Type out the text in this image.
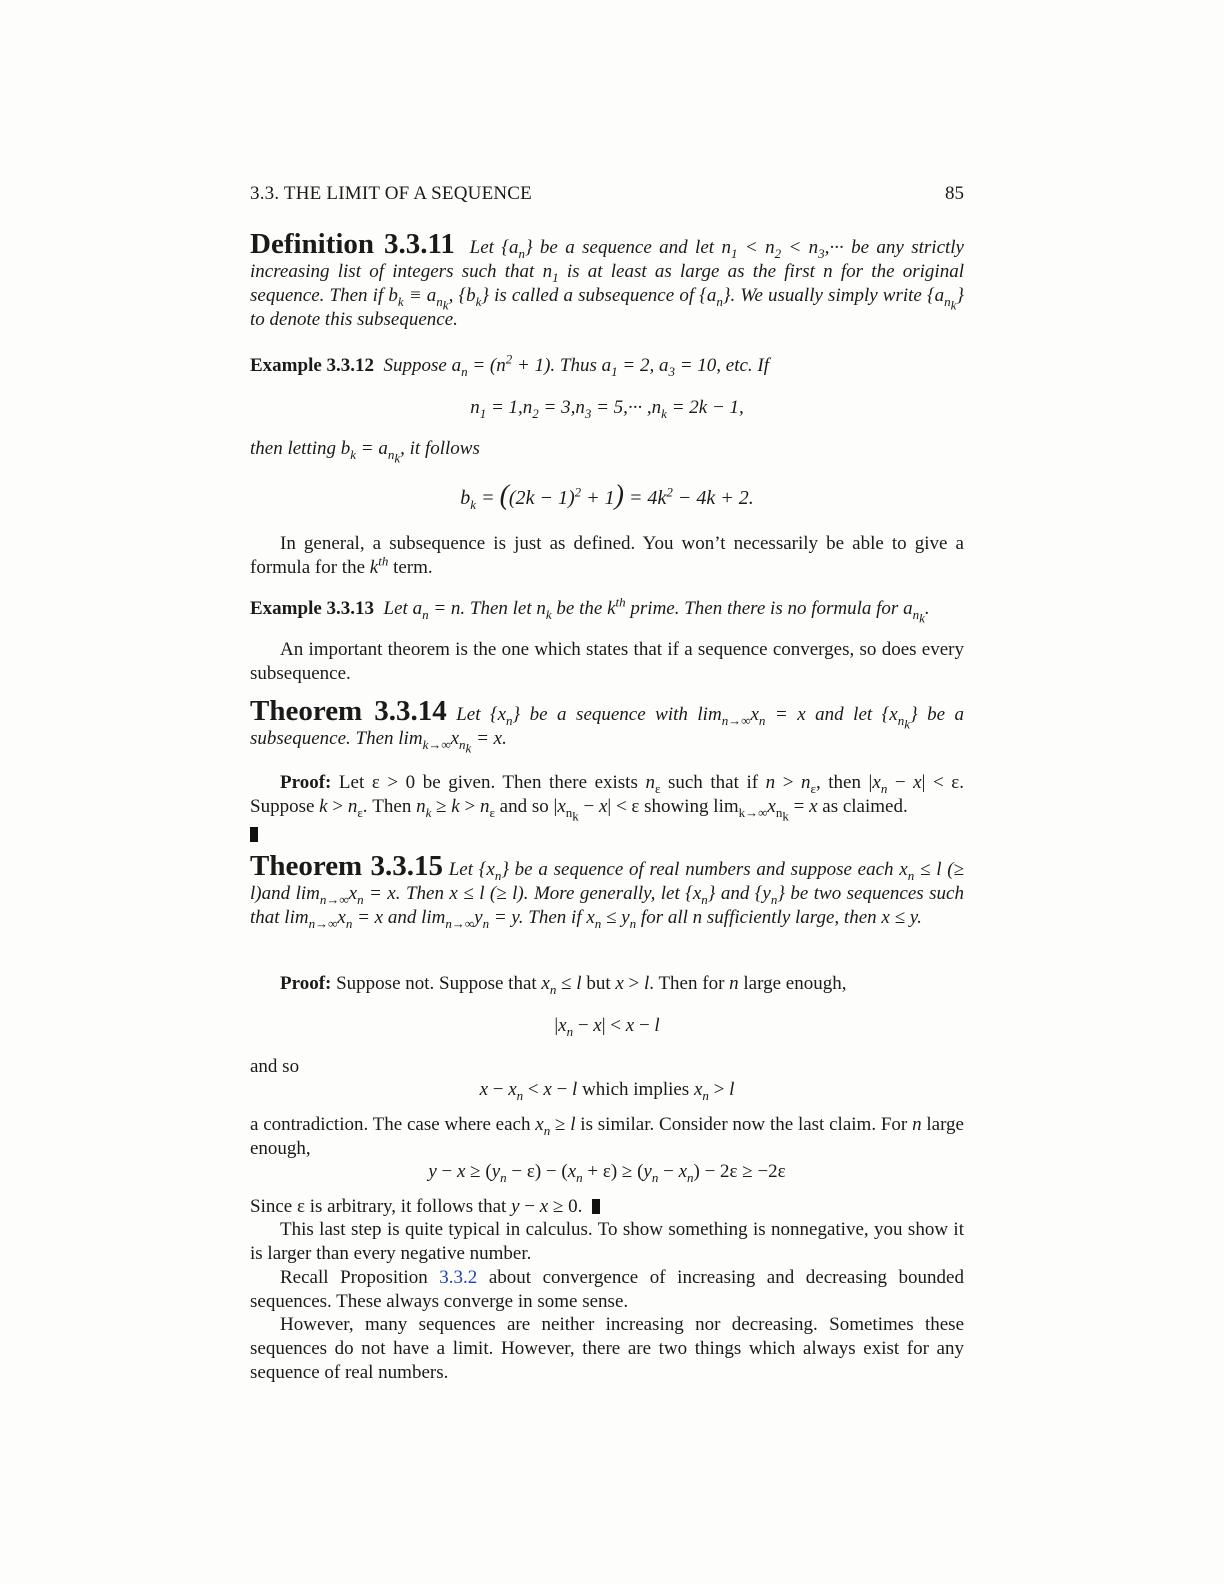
3.3. THE LIMIT OF A SEQUENCE	85
Definition 3.3.11  Let $\{a_n\}$ be a sequence and let $n_1 < n_2 < n_3,\cdot\cdot\cdot$ be any strictly increasing list of integers such that $n_1$ is at least as large as the first n for the original sequence. Then if $b_k \equiv a_{n_k}$, $\{b_k\}$ is called a subsequence of $\{a_n\}$. We usually simply write $\{a_{n_k}\}$ to denote this subsequence.
Example 3.3.12  Suppose $a_n = (n^2 + 1)$. Thus $a_1 = 2$, $a_3 = 10$, etc. If
$n_1 = 1,n_2 = 3,n_3 = 5,\cdot\cdot\cdot ,n_k = 2k - 1$,
then letting $b_k = a_{n_k}$, it follows
$b_k = ((2k - 1)^2 + 1) = 4k^2 - 4k + 2$.
In general, a subsequence is just as defined. You won’t necessarily be able to give a formula for the $k^{th}$ term.
Example 3.3.13  Let $a_n = n$. Then let $n_k$ be the $k^{th}$ prime. Then there is no formula for $a_{n_k}$.
An important theorem is the one which states that if a sequence converges, so does every subsequence.
Theorem 3.3.14 Let $\{x_n\}$ be a sequence with $\lim_{n\to\infty}x_n = x$ and let $\{x_{n_k}\}$ be a subsequence. Then $\lim_{k\to\infty}x_{n_k} = x$.
Proof: Let ε > 0 be given. Then there exists $n_\varepsilon$ such that if $n > n_\varepsilon$, then $|x_n - x| < \varepsilon$. Suppose $k > n_\varepsilon$. Then $n_k \ge k > n_\varepsilon$ and so $|x_{n_k} - x| < \varepsilon$ showing $\lim_{k\to\infty}x_{n_k} = x$ as claimed.
Theorem 3.3.15 Let $\{x_n\}$ be a sequence of real numbers and suppose each $x_n \le l$ (≥ l)and $\lim_{n\to\infty}x_n = x$. Then x ≤ l (≥ l). More generally, let $\{x_n\}$ and $\{y_n\}$ be two sequences such that $\lim_{n\to\infty}x_n = x$ and $\lim_{n\to\infty}y_n = y$. Then if $x_n \le y_n$ for all n sufficiently large, then x ≤ y.
Proof: Suppose not. Suppose that $x_n \le l$ but x > l. Then for n large enough,
$|x_n - x| < x - l$
and so
$x - x_n < x - l$ which implies $x_n > l$
a contradiction. The case where each $x_n \ge l$ is similar. Consider now the last claim. For n large enough,
$y - x \ge (y_n - \varepsilon) - (x_n + \varepsilon) \ge (y_n - x_n) - 2\varepsilon \ge -2\varepsilon$
Since ε is arbitrary, it follows that y − x ≥ 0.
This last step is quite typical in calculus. To show something is nonnegative, you show it is larger than every negative number.
Recall Proposition 3.3.2 about convergence of increasing and decreasing bounded sequences. These always converge in some sense.
However, many sequences are neither increasing nor decreasing. Sometimes these sequences do not have a limit. However, there are two things which always exist for any sequence of real numbers.
